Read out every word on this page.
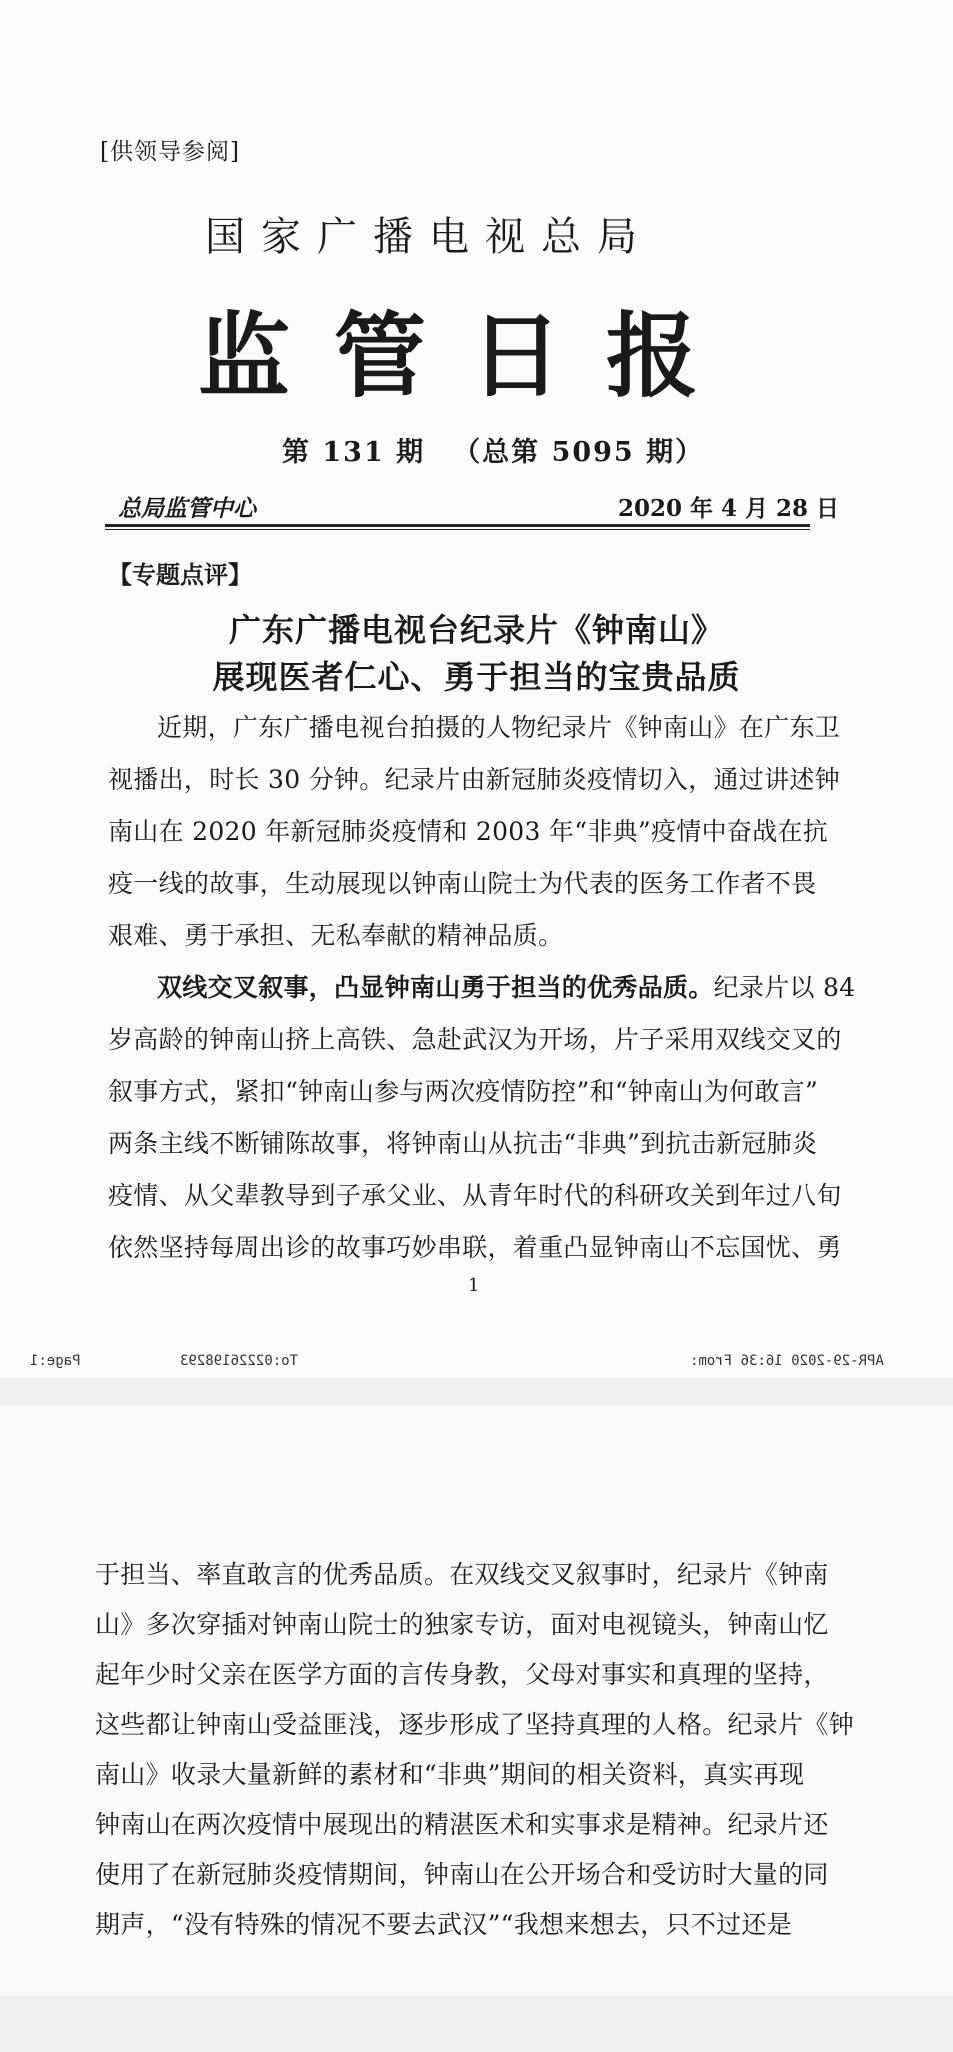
[供领导参阅]
国家广播电视总局
监管日报
第 131 期 （总第 5095 期）
总局监管中心	2020 年 4 月 28 日
【专题点评】
广东广播电视台纪录片《钟南山》
展现医者仁心、勇于担当的宝贵品质

近期，广东广播电视台拍摄的人物纪录片《钟南山》在广东卫

视播出，时长 30 分钟。纪录片由新冠肺炎疫情切入，通过讲述钟

南山在 2020 年新冠肺炎疫情和 2003 年“非典”疫情中奋战在抗

疫一线的故事，生动展现以钟南山院士为代表的医务工作者不畏

艰难、勇于承担、无私奉献的精神品质。

双线交叉叙事，凸显钟南山勇于担当的优秀品质。纪录片以 84

岁高龄的钟南山挤上高铁、急赴武汉为开场，片子采用双线交叉的

叙事方式，紧扣“钟南山参与两次疫情防控”和“钟南山为何敢言”

两条主线不断铺陈故事，将钟南山从抗击“非典”到抗击新冠肺炎

疫情、从父辈教导到子承父业、从青年时代的科研攻关到年过八旬

依然坚持每周出诊的故事巧妙串联，着重凸显钟南山不忘国忧、勇

1
Page:1	To:02226198293	APR-29-2020 16:36 From:

于担当、率直敢言的优秀品质。在双线交叉叙事时，纪录片《钟南

山》多次穿插对钟南山院士的独家专访，面对电视镜头，钟南山忆

起年少时父亲在医学方面的言传身教，父母对事实和真理的坚持，

这些都让钟南山受益匪浅，逐步形成了坚持真理的人格。纪录片《钟

南山》收录大量新鲜的素材和“非典”期间的相关资料，真实再现

钟南山在两次疫情中展现出的精湛医术和实事求是精神。纪录片还

使用了在新冠肺炎疫情期间，钟南山在公开场合和受访时大量的同

期声，“没有特殊的情况不要去武汉”“我想来想去，只不过还是
